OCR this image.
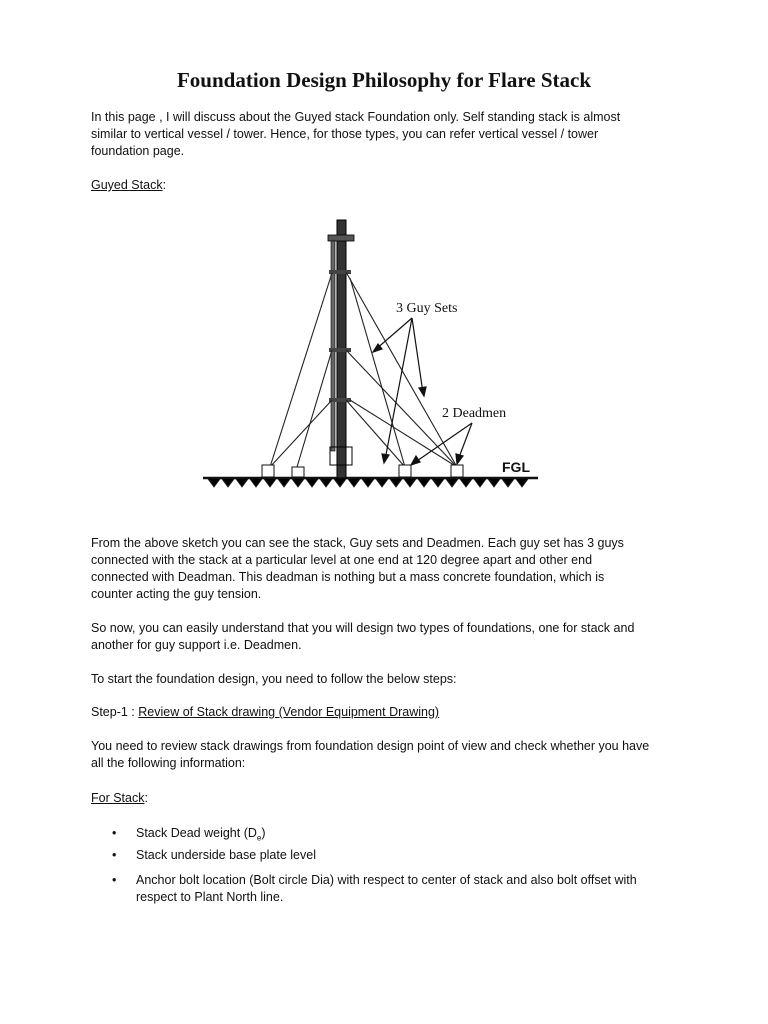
Foundation Design Philosophy for Flare Stack

In this page , I will discuss about the Guyed stack Foundation only. Self standing stack is almost

similar to vertical vessel / tower. Hence, for those types, you can refer vertical vessel / tower

foundation page.

Guyed Stack:

3 Guy Sets
2 Deadmen
FGL

From the above sketch you can see the stack, Guy sets and Deadmen. Each guy set has 3 guys

connected with the stack at a particular level at one end at 120 degree apart and other end

connected with Deadman. This deadman is nothing but a mass concrete foundation, which is

counter acting the guy tension.

So now, you can easily understand that you will design two types of foundations, one for stack and

another for guy support i.e. Deadmen.

To start the foundation design, you need to follow the below steps:

Step-1 : Review of Stack drawing (Vendor Equipment Drawing)

You need to review stack drawings from foundation design point of view and check whether you have

all the following information:

For Stack:

• Stack Dead weight $(D_e)$
• Stack underside base plate level
• Anchor bolt location (Bolt circle Dia) with respect to center of stack and also bolt offset with
respect to Plant North line.
